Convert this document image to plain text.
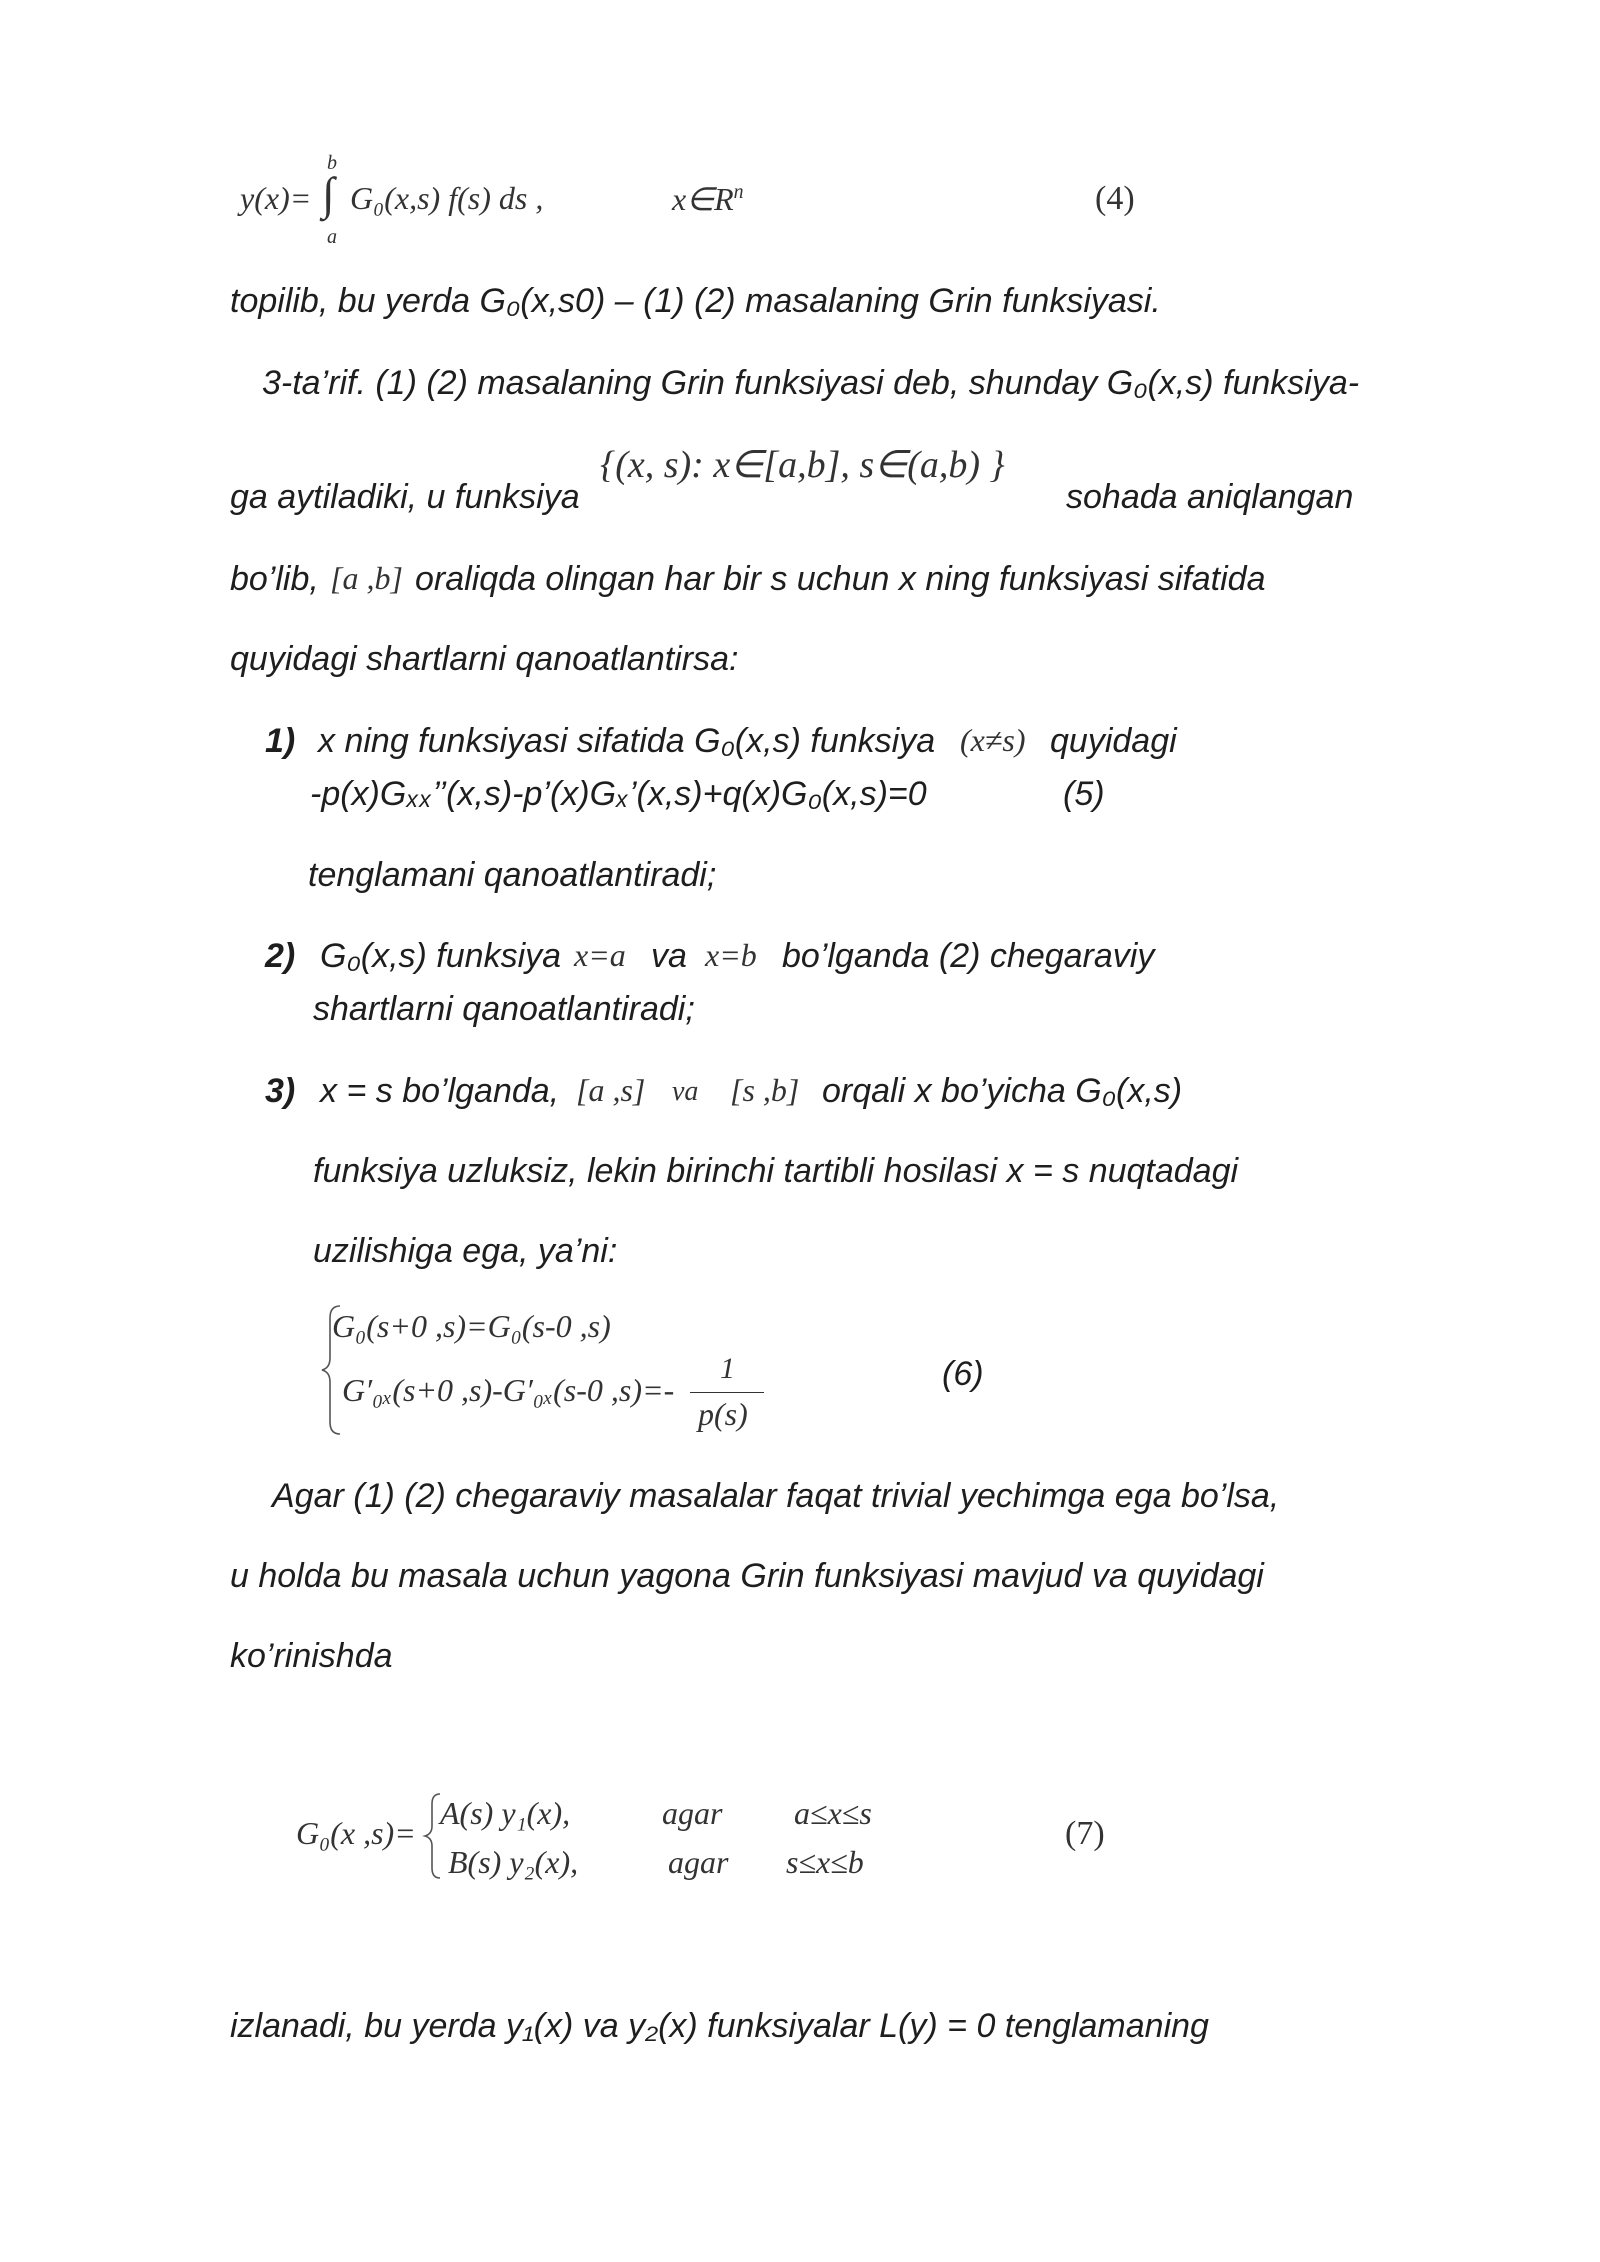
y(x)=
b
∫
a
G₀(x,s) f(s) ds ,	$x\in R^n$	(4)
topilib, bu yerda G₀(x,s0) – (1) (2) masalaning Grin funksiyasi.
3-ta’rif. (1) (2) masalaning Grin funksiyasi deb, shunday G₀(x,s) funksiya-
ga aytiladiki, u funksiya
{(x, s): x∈[a,b], s∈(a,b) }
sohada aniqlangan
bo’lib, [a ,b] oraliqda olingan har bir s uchun x ning funksiyasi sifatida
quyidagi shartlarni qanoatlantirsa:
1) x ning funksiyasi sifatida G₀(x,s) funksiya (x≠s) quyidagi
-p(x)Gₓₓ’’(x,s)-p’(x)Gₓ’(x,s)+q(x)G₀(x,s)=0	(5)
tenglamani qanoatlantiradi;
2) G₀(x,s) funksiya x=a va x=b bo’lganda (2) chegaraviy
shartlarni qanoatlantiradi;
3) x = s bo’lganda, [a ,s] va [s ,b] orqali x bo’yicha G₀(x,s)
funksiya uzluksiz, lekin birinchi tartibli hosilasi x = s nuqtadagi
uzilishiga ega, ya’ni:
G₀(s+0 ,s)=G₀(s-0 ,s)
G′₀ₓ(s+0 ,s)-G′₀ₓ(s-0 ,s)=-
1
p(s)
(6)
Agar (1) (2) chegaraviy masalalar faqat trivial yechimga ega bo’lsa,
u holda bu masala uchun yagona Grin funksiyasi mavjud va quyidagi
ko’rinishda
G₀(x ,s)=
A(s) y₁(x),	agar a≤x≤s
B(s) y₂(x),	agar s≤x≤b
(7)
izlanadi, bu yerda y₁(x) va y₂(x) funksiyalar L(y) = 0 tenglamaning
